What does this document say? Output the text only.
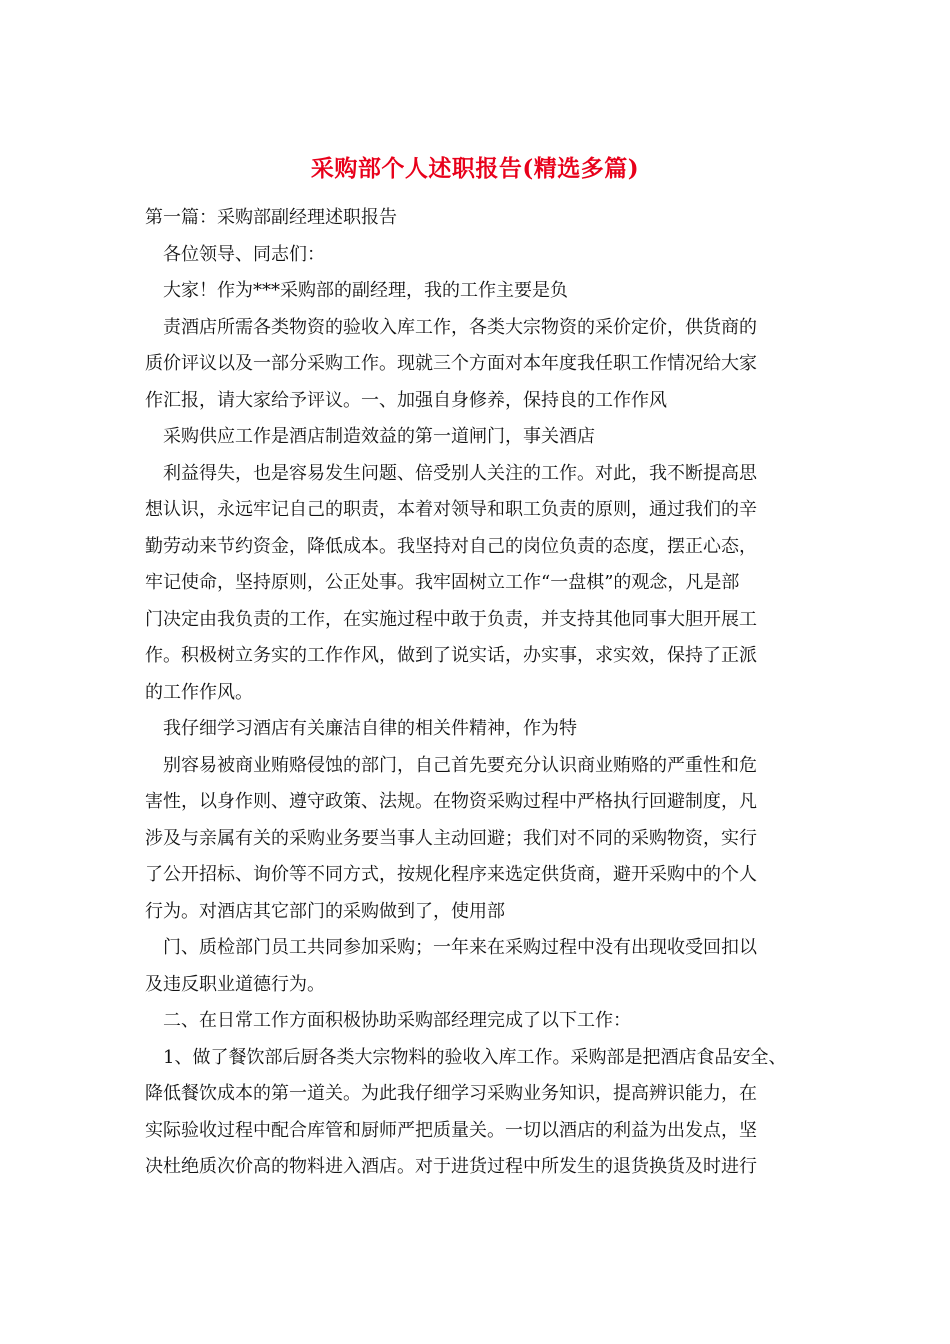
采购部个人述职报告(精选多篇)
第一篇：采购部副经理述职报告
各位领导、同志们：
大家！作为***采购部的副经理，我的工作主要是负
责酒店所需各类物资的验收入库工作，各类大宗物资的采价定价，供货商的
质价评议以及一部分采购工作。现就三个方面对本年度我任职工作情况给大家
作汇报，请大家给予评议。一、加强自身修养，保持良的工作作风
采购供应工作是酒店制造效益的第一道闸门，事关酒店
利益得失，也是容易发生问题、倍受别人关注的工作。对此，我不断提高思
想认识，永远牢记自己的职责，本着对领导和职工负责的原则，通过我们的辛
勤劳动来节约资金，降低成本。我坚持对自己的岗位负责的态度，摆正心态，
牢记使命，坚持原则，公正处事。我牢固树立工作“一盘棋”的观念，凡是部
门决定由我负责的工作，在实施过程中敢于负责，并支持其他同事大胆开展工
作。积极树立务实的工作作风，做到了说实话，办实事，求实效，保持了正派
的工作作风。
我仔细学习酒店有关廉洁自律的相关件精神，作为特
别容易被商业贿赂侵蚀的部门，自己首先要充分认识商业贿赂的严重性和危
害性，以身作则、遵守政策、法规。在物资采购过程中严格执行回避制度，凡
涉及与亲属有关的采购业务要当事人主动回避；我们对不同的采购物资，实行
了公开招标、询价等不同方式，按规化程序来选定供货商，避开采购中的个人
行为。对酒店其它部门的采购做到了，使用部
门、质检部门员工共同参加采购；一年来在采购过程中没有出现收受回扣以
及违反职业道德行为。
二、在日常工作方面积极协助采购部经理完成了以下工作：
1、做了餐饮部后厨各类大宗物料的验收入库工作。采购部是把酒店食品安全、
降低餐饮成本的第一道关。为此我仔细学习采购业务知识，提高辨识能力，在
实际验收过程中配合库管和厨师严把质量关。一切以酒店的利益为出发点，坚
决杜绝质次价高的物料进入酒店。对于进货过程中所发生的退货换货及时进行
